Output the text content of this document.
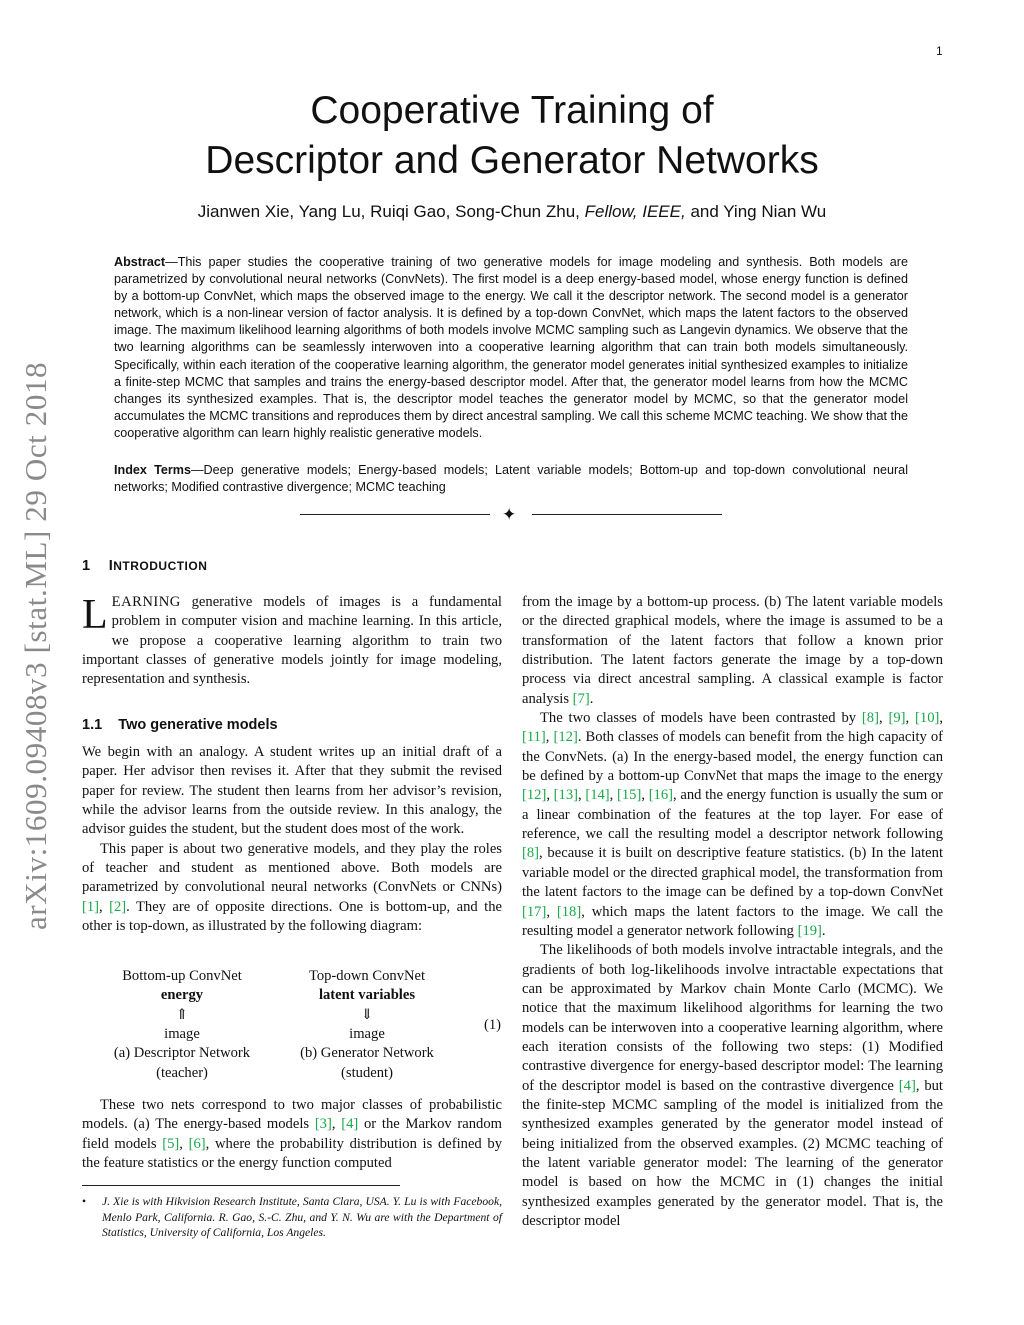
1
arXiv:1609.09408v3 [stat.ML] 29 Oct 2018
Cooperative Training of
Descriptor and Generator Networks
Jianwen Xie, Yang Lu, Ruiqi Gao, Song-Chun Zhu, Fellow, IEEE, and Ying Nian Wu
Abstract—This paper studies the cooperative training of two generative models for image modeling and synthesis. Both models are parametrized by convolutional neural networks (ConvNets). The first model is a deep energy-based model, whose energy function is defined by a bottom-up ConvNet, which maps the observed image to the energy. We call it the descriptor network. The second model is a generator network, which is a non-linear version of factor analysis. It is defined by a top-down ConvNet, which maps the latent factors to the observed image. The maximum likelihood learning algorithms of both models involve MCMC sampling such as Langevin dynamics. We observe that the two learning algorithms can be seamlessly interwoven into a cooperative learning algorithm that can train both models simultaneously. Specifically, within each iteration of the cooperative learning algorithm, the generator model generates initial synthesized examples to initialize a finite-step MCMC that samples and trains the energy-based descriptor model. After that, the generator model learns from how the MCMC changes its synthesized examples. That is, the descriptor model teaches the generator model by MCMC, so that the generator model accumulates the MCMC transitions and reproduces them by direct ancestral sampling. We call this scheme MCMC teaching. We show that the cooperative algorithm can learn highly realistic generative models.
Index Terms—Deep generative models; Energy-based models; Latent variable models; Bottom-up and top-down convolutional neural networks; Modified contrastive divergence; MCMC teaching
✦
1 INTRODUCTION

LEARNING generative models of images is a fundamental problem in computer vision and machine learning. In this article, we propose a cooperative learning algorithm to train two important classes of generative models jointly for image modeling, representation and synthesis.

1.1 Two generative models

We begin with an analogy. A student writes up an initial draft of a paper. Her advisor then revises it. After that they submit the revised paper for review. The student then learns from her advisor’s revision, while the advisor learns from the outside review. In this analogy, the advisor guides the student, but the student does most of the work.

This paper is about two generative models, and they play the roles of teacher and student as mentioned above. Both models are parametrized by convolutional neural networks (ConvNets or CNNs) [1], [2]. They are of opposite directions. One is bottom-up, and the other is top-down, as illustrated by the following diagram:

Bottom-up ConvNet
energy
⇑
image
(a) Descriptor Network
(teacher)
Top-down ConvNet
latent variables
⇓
image
(b) Generator Network
(student)
(1)

These two nets correspond to two major classes of probabilistic models. (a) The energy-based models [3], [4] or the Markov random field models [5], [6], where the probability distribution is defined by the feature statistics or the energy function computed

• J. Xie is with Hikvision Research Institute, Santa Clara, USA. Y. Lu is with Facebook, Menlo Park, California. R. Gao, S.-C. Zhu, and Y. N. Wu are with the Department of Statistics, University of California, Los Angeles.

from the image by a bottom-up process. (b) The latent variable models or the directed graphical models, where the image is assumed to be a transformation of the latent factors that follow a known prior distribution. The latent factors generate the image by a top-down process via direct ancestral sampling. A classical example is factor analysis [7].

The two classes of models have been contrasted by [8], [9], [10], [11], [12]. Both classes of models can benefit from the high capacity of the ConvNets. (a) In the energy-based model, the energy function can be defined by a bottom-up ConvNet that maps the image to the energy [12], [13], [14], [15], [16], and the energy function is usually the sum or a linear combination of the features at the top layer. For ease of reference, we call the resulting model a descriptor network following [8], because it is built on descriptive feature statistics. (b) In the latent variable model or the directed graphical model, the transformation from the latent factors to the image can be defined by a top-down ConvNet [17], [18], which maps the latent factors to the image. We call the resulting model a generator network following [19].

The likelihoods of both models involve intractable integrals, and the gradients of both log-likelihoods involve intractable expectations that can be approximated by Markov chain Monte Carlo (MCMC). We notice that the maximum likelihood algorithms for learning the two models can be interwoven into a cooperative learning algorithm, where each iteration consists of the following two steps: (1) Modified contrastive divergence for energy-based descriptor model: The learning of the descriptor model is based on the contrastive divergence [4], but the finite-step MCMC sampling of the model is initialized from the synthesized examples generated by the generator model instead of being initialized from the observed examples. (2) MCMC teaching of the latent variable generator model: The learning of the generator model is based on how the MCMC in (1) changes the initial synthesized examples generated by the generator model. That is, the descriptor model
